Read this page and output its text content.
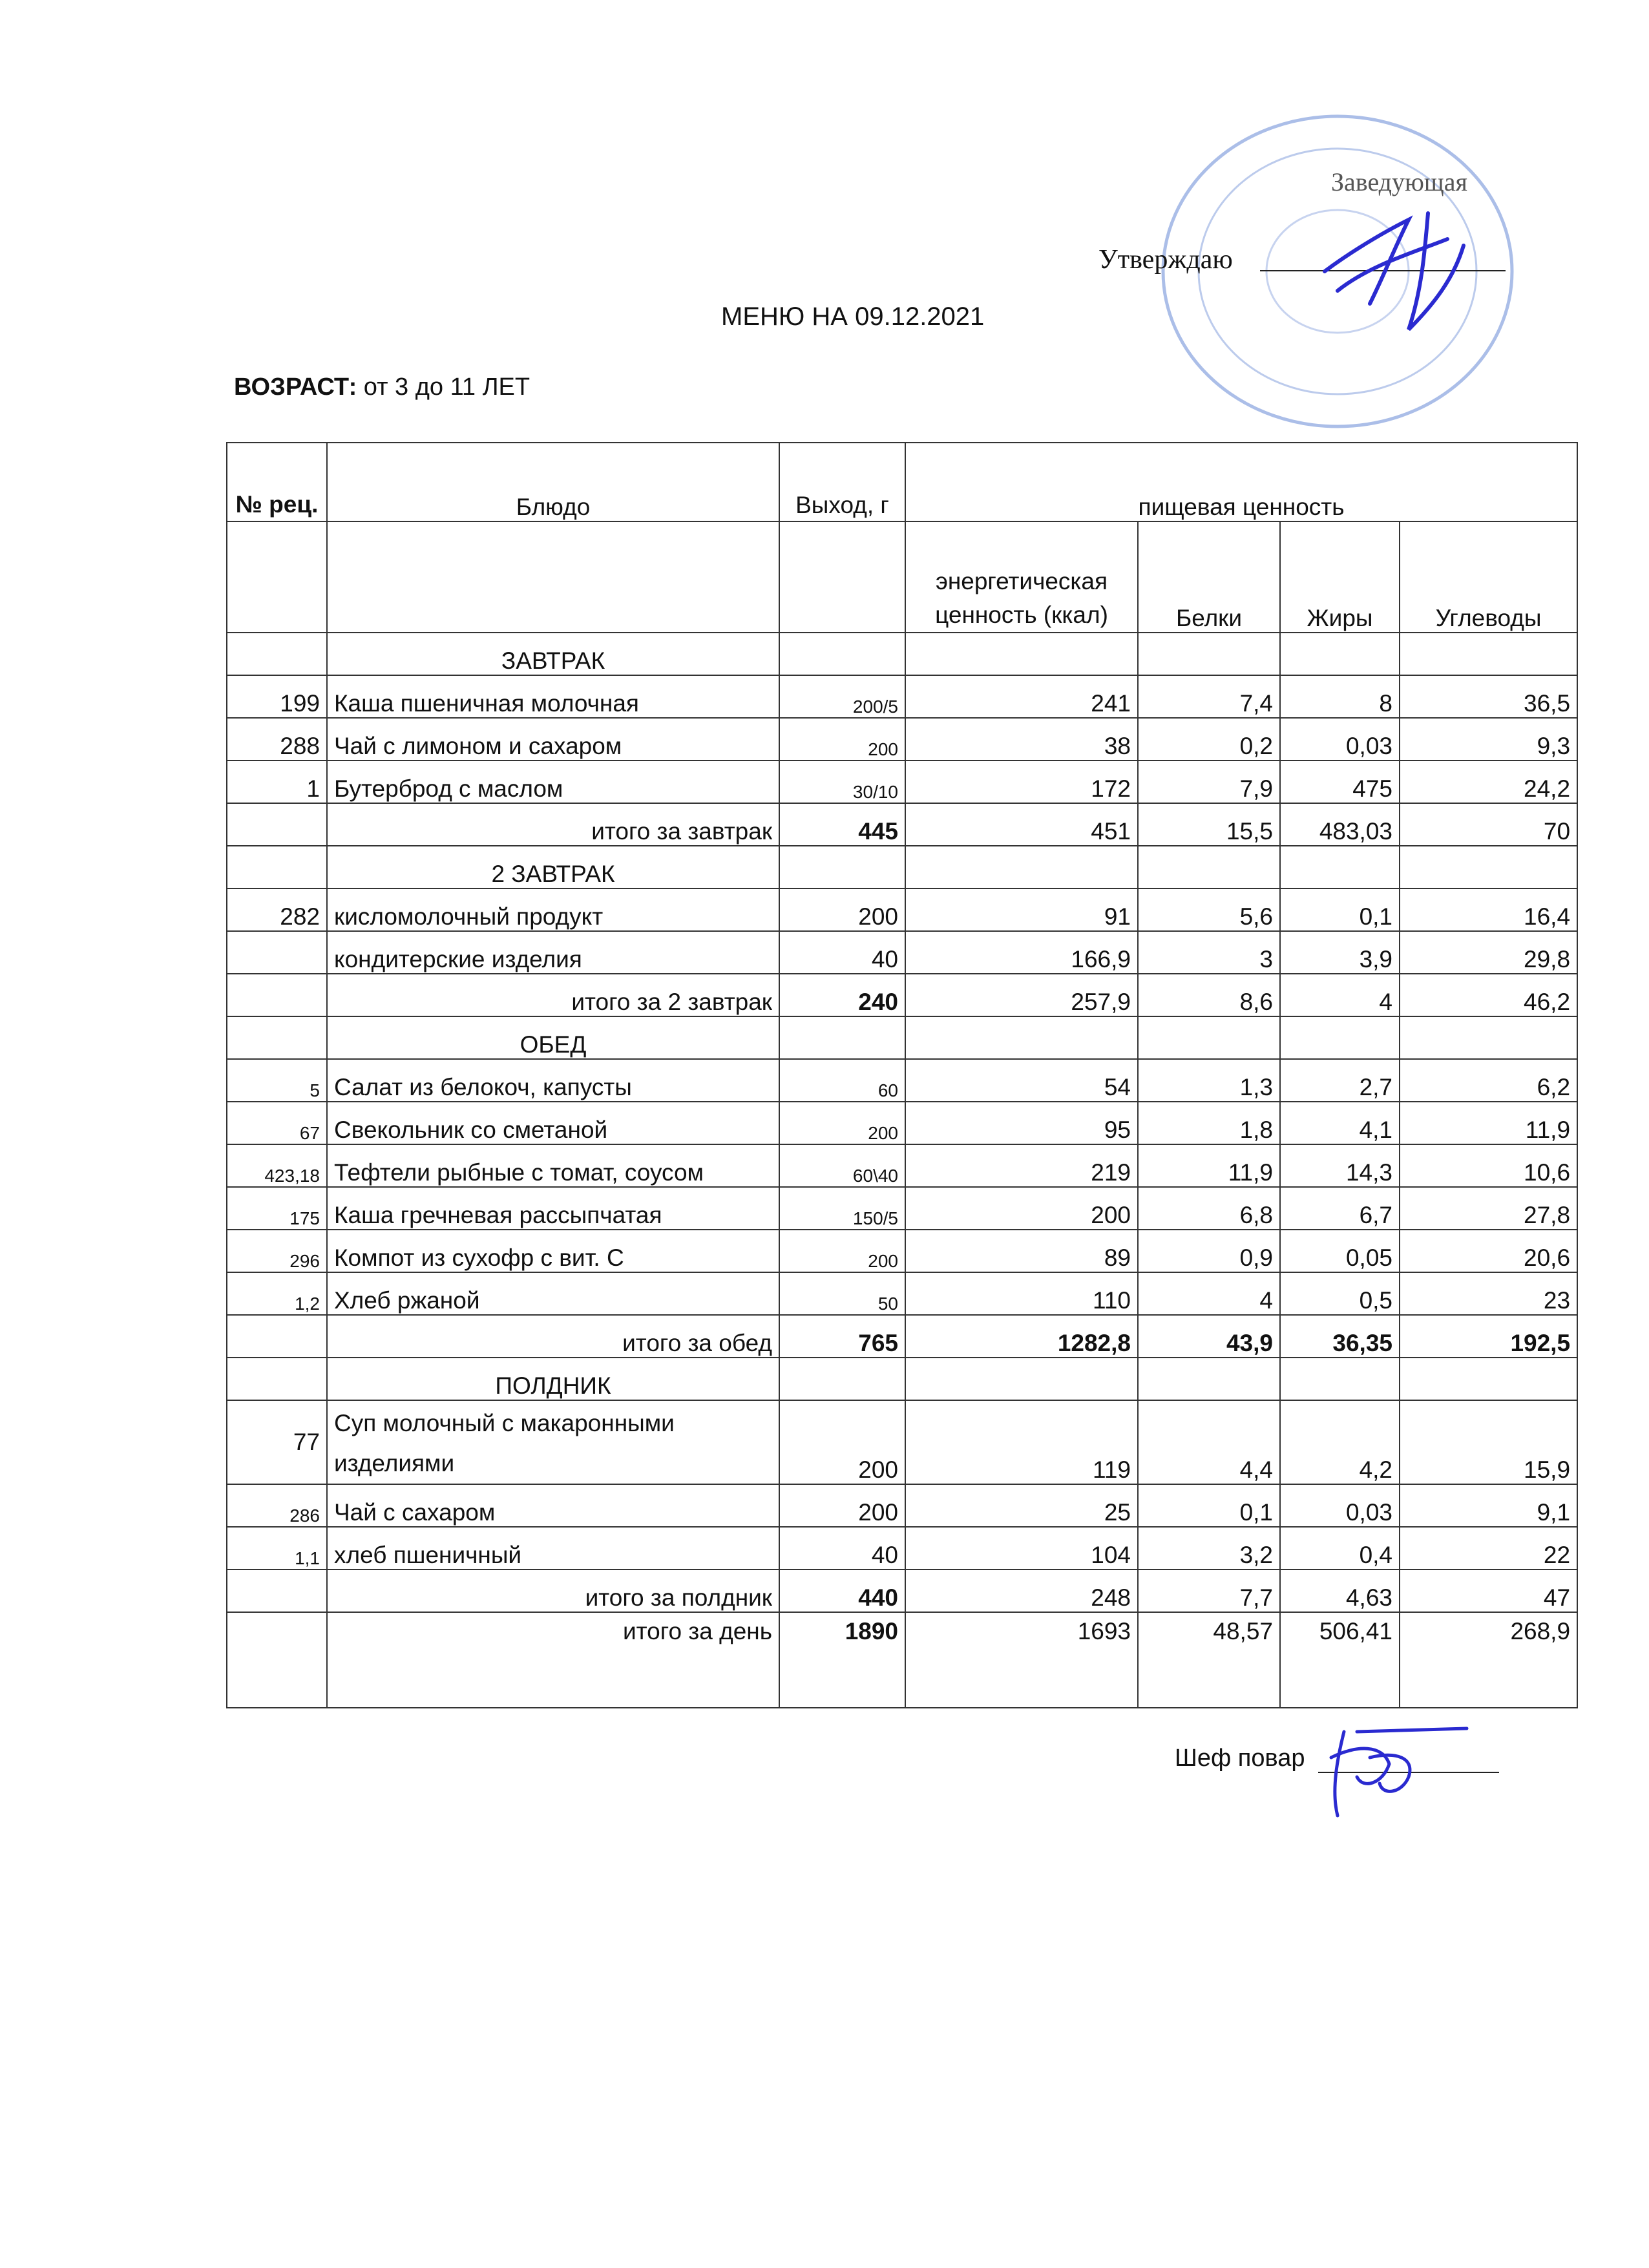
Заведующая
Утверждаю
МЕНЮ НА 09.12.2021
ВОЗРАСТ: от 3 до 11 ЛЕТ
№ рец.	Блюдо	Выход, г	пищевая ценность			
			энергетическая ценность (ккал)	Белки	Жиры	Углеводы
	ЗАВТРАК					
199	Каша пшеничная молочная	200/5	241	7,4	8	36,5
288	Чай с лимоном и сахаром	200	38	0,2	0,03	9,3
1	Бутерброд с маслом	30/10	172	7,9	475	24,2
	итого за завтрак	445	451	15,5	483,03	70
	2 ЗАВТРАК					
282	кисломолочный продукт	200	91	5,6	0,1	16,4
	кондитерские изделия	40	166,9	3	3,9	29,8
	итого за 2 завтрак	240	257,9	8,6	4	46,2
	ОБЕД					
5	Салат из белокоч, капусты	60	54	1,3	2,7	6,2
67	Свекольник со сметаной	200	95	1,8	4,1	11,9
423,18	Тефтели рыбные с томат, соусом	60\40	219	11,9	14,3	10,6
175	Каша гречневая рассыпчатая	150/5	200	6,8	6,7	27,8
296	Компот из сухофр с вит. С	200	89	0,9	0,05	20,6
1,2	Хлеб ржаной	50	110	4	0,5	23
	итого за обед	765	1282,8	43,9	36,35	192,5
	ПОЛДНИК					
77	Суп молочный с макаронными изделиями	200	119	4,4	4,2	15,9
286	Чай с сахаром	200	25	0,1	0,03	9,1
1,1	хлеб пшеничный	40	104	3,2	0,4	22
	итого за полдник	440	248	7,7	4,63	47
	итого за день	1890	1693	48,57	506,41	268,9
Шеф повар
